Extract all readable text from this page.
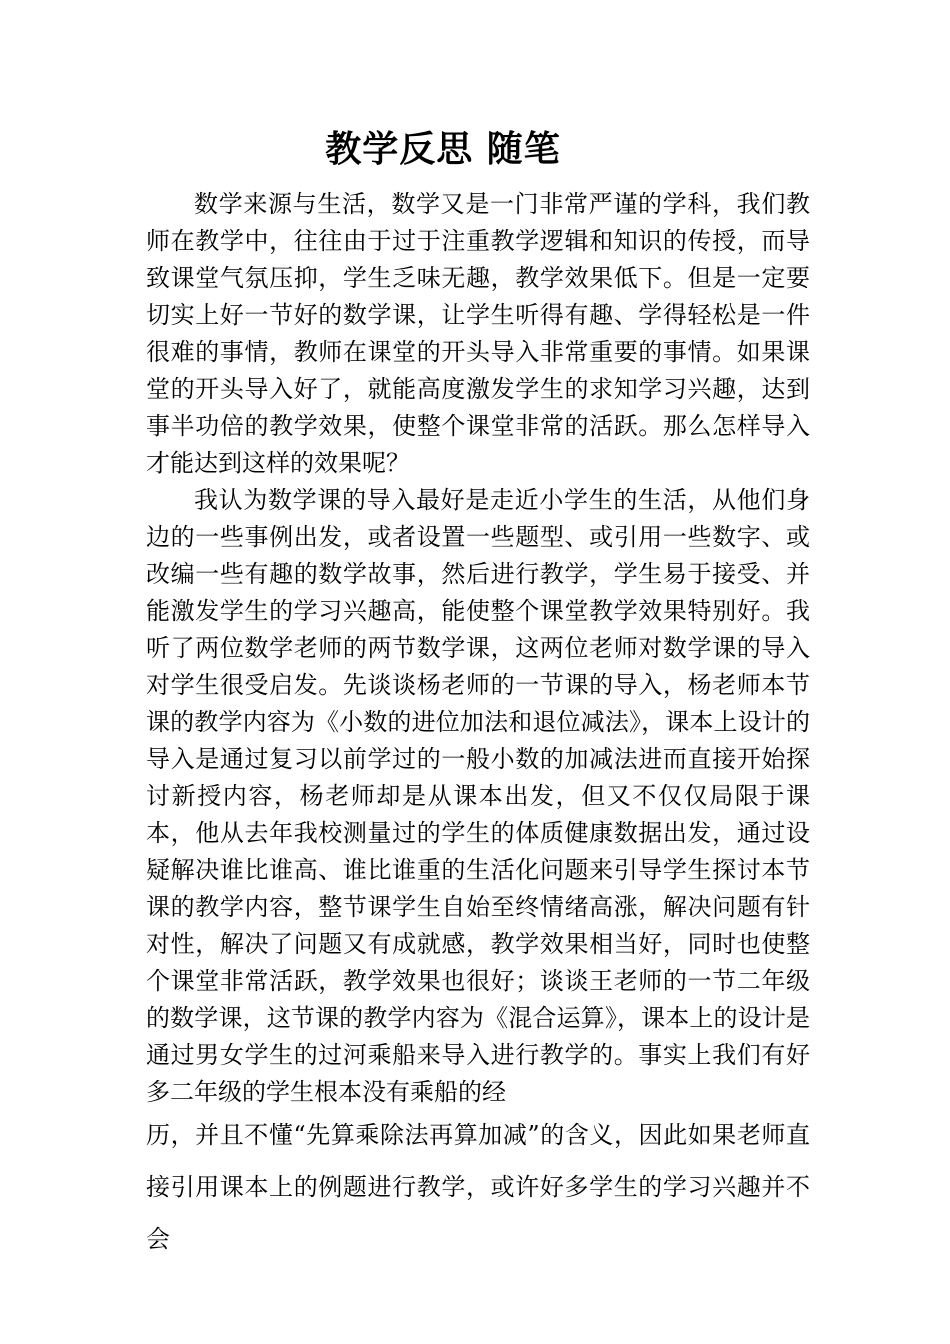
教学反思 随笔

数学来源与生活，数学又是一门非常严谨的学科，我们教师在教学中，往往由于过于注重教学逻辑和知识的传授，而导致课堂气氛压抑，学生乏味无趣，教学效果低下。但是一定要切实上好一节好的数学课，让学生听得有趣、学得轻松是一件很难的事情，教师在课堂的开头导入非常重要的事情。如果课堂的开头导入好了，就能高度激发学生的求知学习兴趣，达到事半功倍的教学效果，使整个课堂非常的活跃。那么怎样导入才能达到这样的效果呢？

我认为数学课的导入最好是走近小学生的生活，从他们身边的一些事例出发，或者设置一些题型、或引用一些数字、或改编一些有趣的数学故事，然后进行教学，学生易于接受、并能激发学生的学习兴趣高，能使整个课堂教学效果特别好。我听了两位数学老师的两节数学课，这两位老师对数学课的导入对学生很受启发。先谈谈杨老师的一节课的导入，杨老师本节课的教学内容为《小数的进位加法和退位减法》，课本上设计的导入是通过复习以前学过的一般小数的加减法进而直接开始探讨新授内容，杨老师却是从课本出发，但又不仅仅局限于课本，他从去年我校测量过的学生的体质健康数据出发，通过设疑解决谁比谁高、谁比谁重的生活化问题来引导学生探讨本节课的教学内容，整节课学生自始至终情绪高涨，解决问题有针对性，解决了问题又有成就感，教学效果相当好，同时也使整个课堂非常活跃，教学效果也很好；谈谈王老师的一节二年级的数学课，这节课的教学内容为《混合运算》，课本上的设计是通过男女学生的过河乘船来导入进行教学的。事实上我们有好多二年级的学生根本没有乘船的经

历，并且不懂“先算乘除法再算加减”的含义，因此如果老师直接引用课本上的例题进行教学，或许好多学生的学习兴趣并不会
